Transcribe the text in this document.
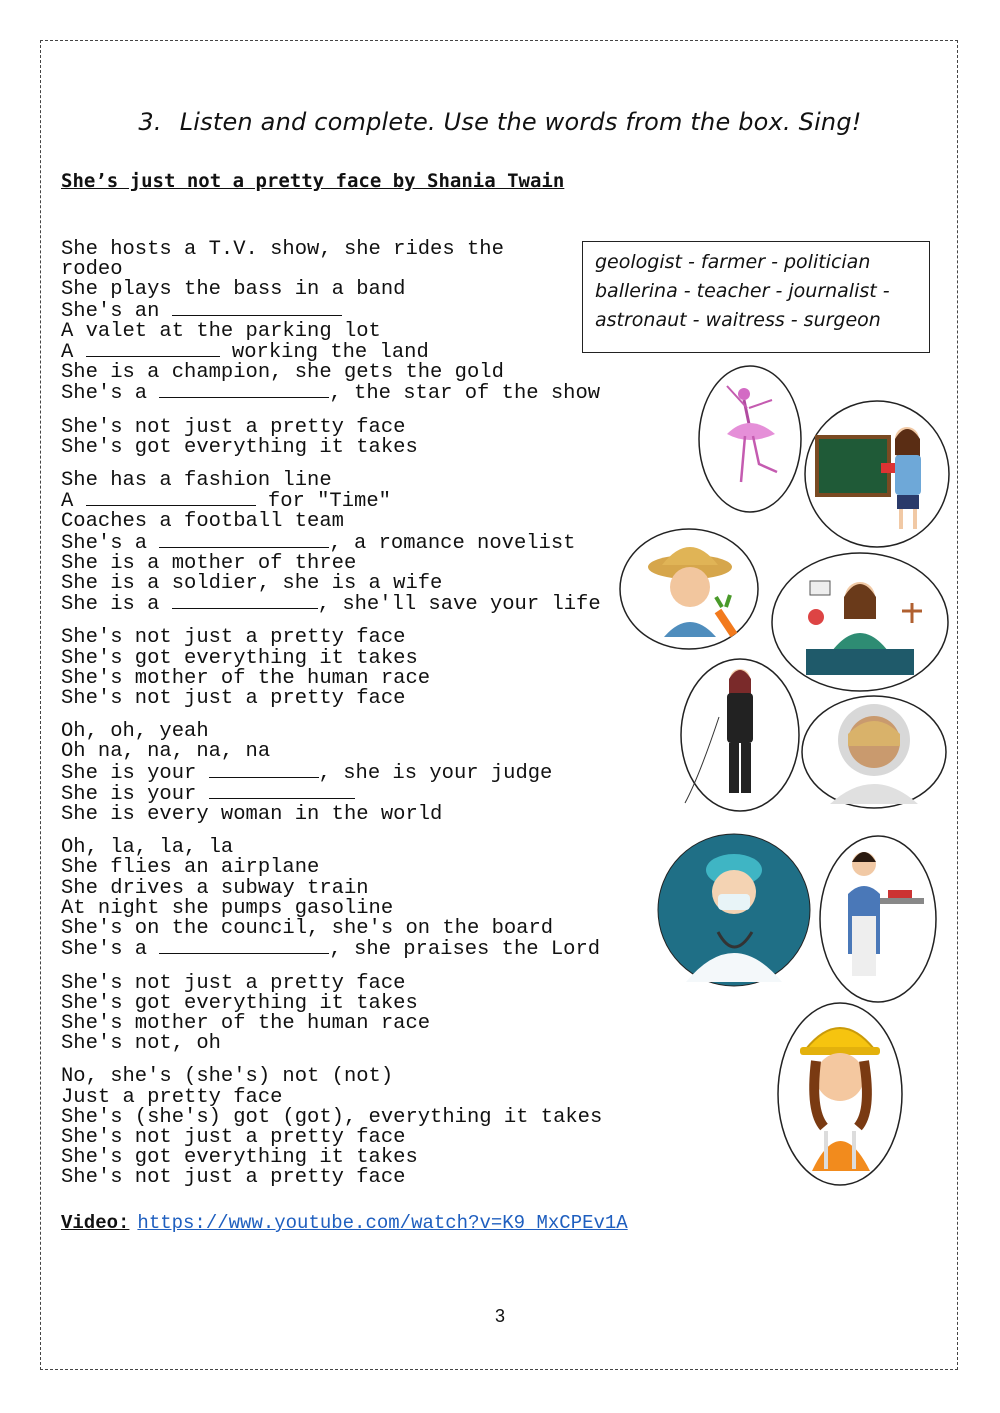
3. Listen and complete. Use the words from the box. Sing!
She’s just not a pretty face by Shania Twain
She hosts a T.V. show, she rides the rodeo
She plays the bass in a band
She's an
A valet at the parking lot
A	working the land
She is a champion, she gets the gold
She's a	, the star of the show
She's not just a pretty face
She's got everything it takes
She has a fashion line
A	for "Time"
Coaches a football team
She's a	, a romance novelist
She is a mother of three
She is a soldier, she is a wife
She is a	, she'll save your life
She's not just a pretty face
She's got everything it takes
She's mother of the human race
She's not just a pretty face
Oh, oh, yeah
Oh na, na, na, na
She is your	, she is your judge
She is your
She is every woman in the world
Oh, la, la, la
She flies an airplane
She drives a subway train
At night she pumps gasoline
She's on the council, she's on the board
She's a	, she praises the Lord
She's not just a pretty face
She's got everything it takes
She's mother of the human race
She's not, oh
No, she's (she's) not (not)
Just a pretty face
She's (she's) got (got), everything it takes
She's not just a pretty face
She's got everything it takes
She's not just a pretty face
geologist - farmer - politician
ballerina - teacher - journalist -
astronaut - waitress - surgeon
Video: https://www.youtube.com/watch?v=K9_MxCPEv1A
3
